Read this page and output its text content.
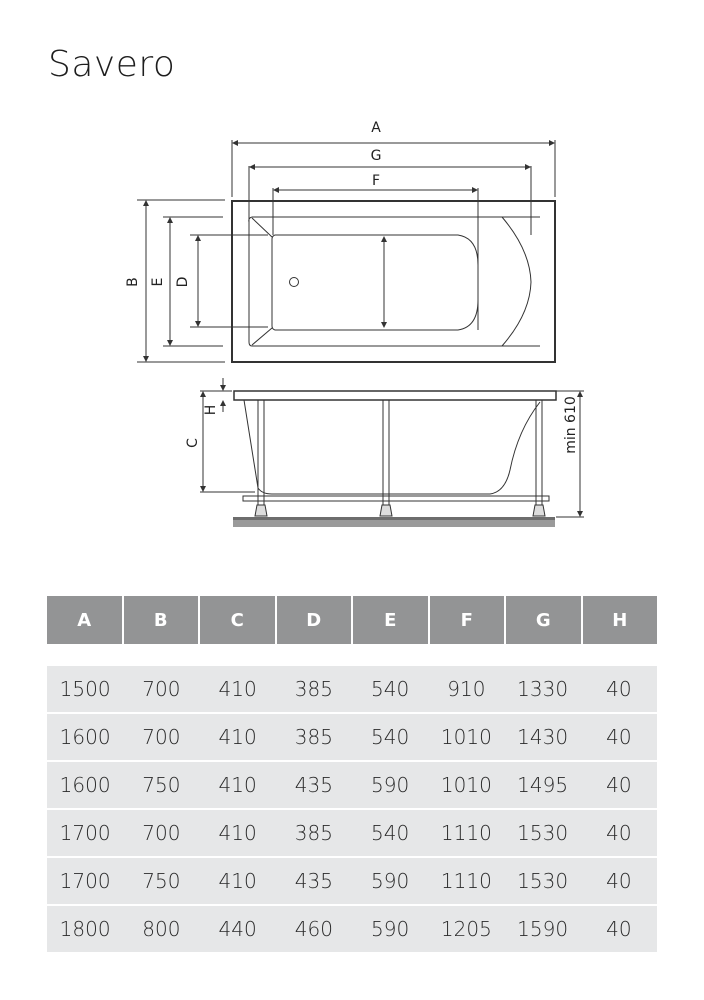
Savero
A
G
F
B E D
H
C	min 610
A	B	C	D	E	F	G	H
1500	700	410	385	540	910	1330	40
1600	700	410	385	540	1010	1430	40
1600	750	410	435	590	1010	1495	40
1700	700	410	385	540	1110	1530	40
1700	750	410	435	590	1110	1530	40
1800	800	440	460	590	1205	1590	40
